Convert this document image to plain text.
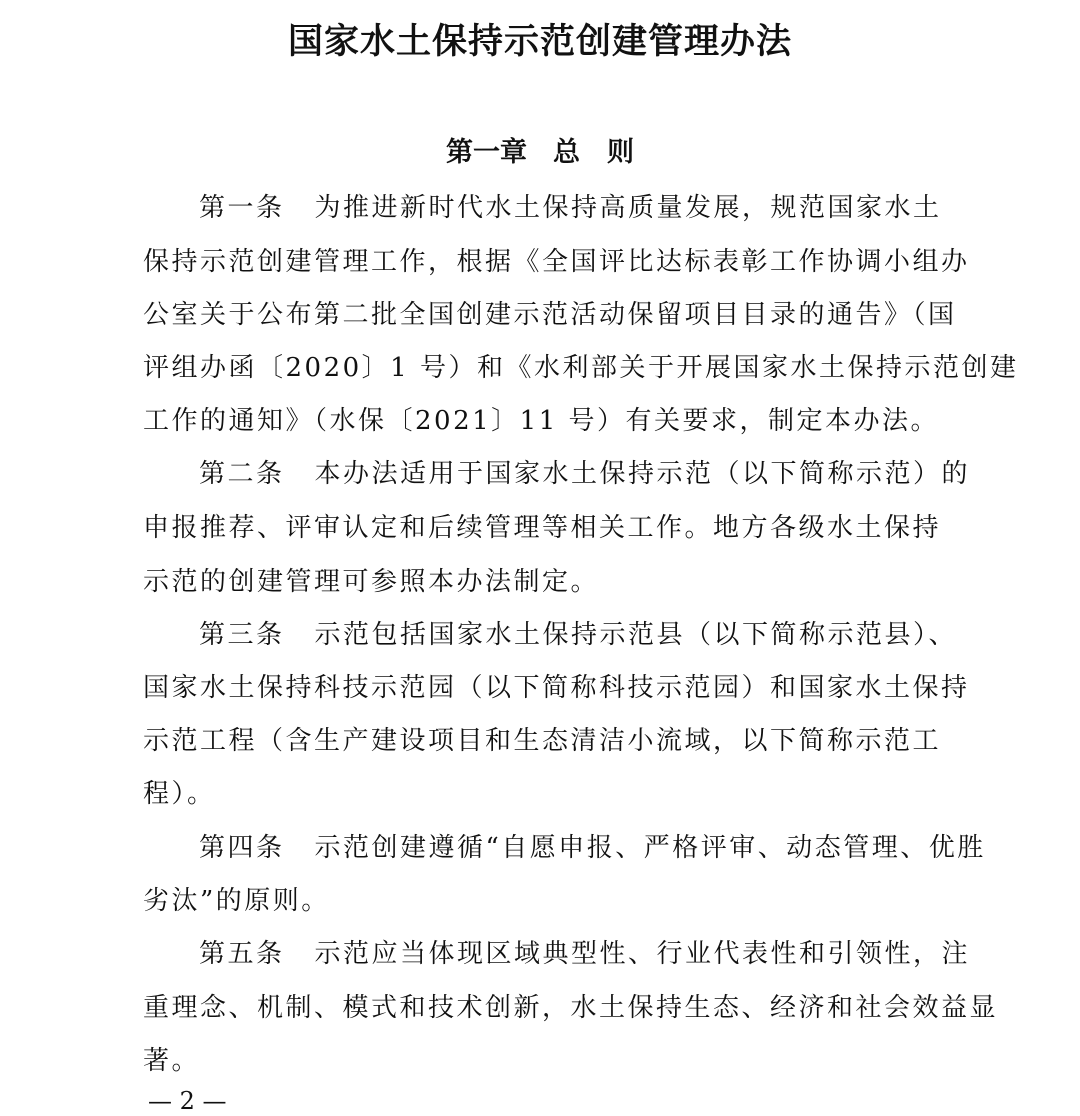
国家水土保持示范创建管理办法
第一章 总　则
第一条 为推进新时代水土保持高质量发展，规范国家水土
保持示范创建管理工作，根据《全国评比达标表彰工作协调小组办
公室关于公布第二批全国创建示范活动保留项目目录的通告》（国
评组办函〔2020〕1 号）和《水利部关于开展国家水土保持示范创建
工作的通知》（水保〔2021〕11 号）有关要求，制定本办法。
第二条 本办法适用于国家水土保持示范（以下简称示范）的
申报推荐、评审认定和后续管理等相关工作。地方各级水土保持
示范的创建管理可参照本办法制定。
第三条 示范包括国家水土保持示范县（以下简称示范县）、
国家水土保持科技示范园（以下简称科技示范园）和国家水土保持
示范工程（含生产建设项目和生态清洁小流域，以下简称示范工
程）。
第四条 示范创建遵循“自愿申报、严格评审、动态管理、优胜
劣汰”的原则。
第五条 示范应当体现区域典型性、行业代表性和引领性，注
重理念、机制、模式和技术创新，水土保持生态、经济和社会效益显
著。
— 2 —
